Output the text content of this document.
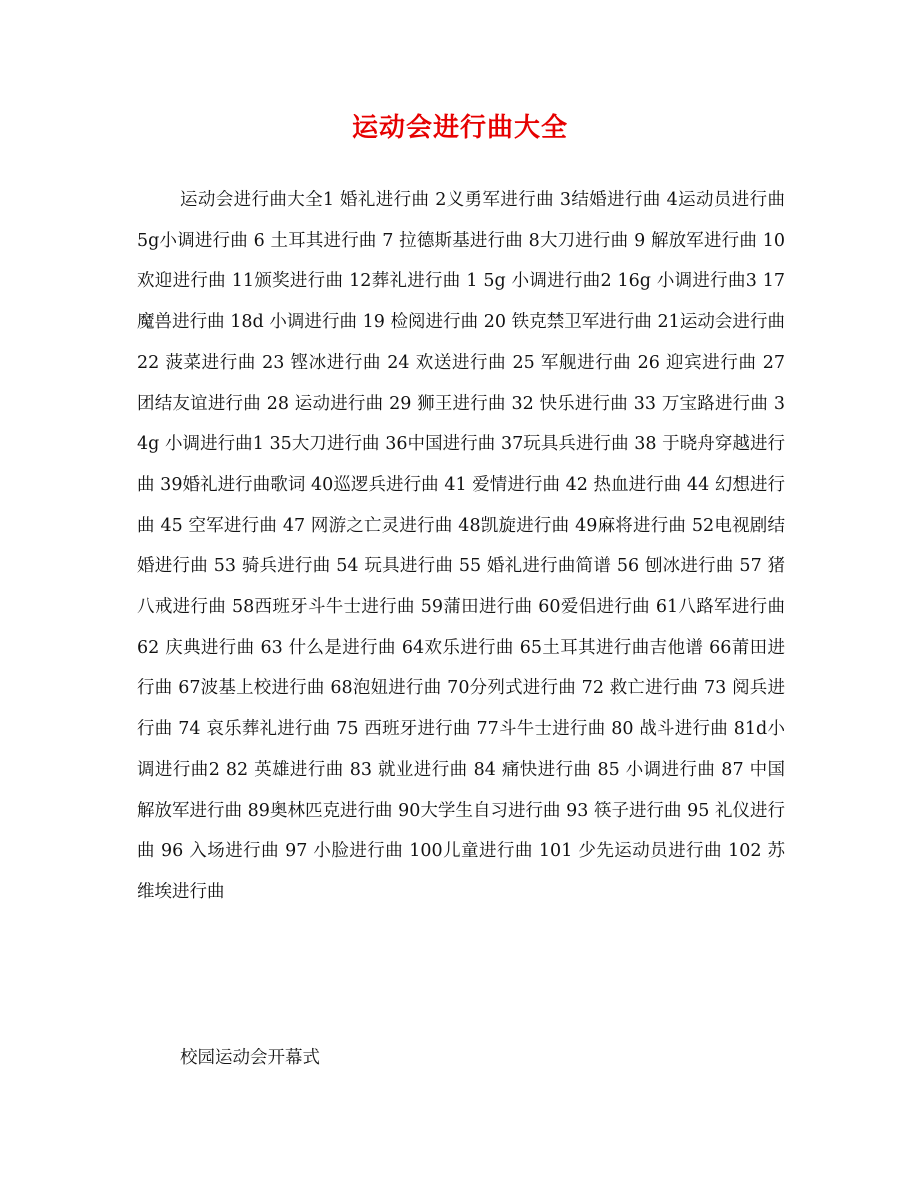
运动会进行曲大全

运动会进行曲大全1 婚礼进行曲 2义勇军进行曲 3结婚进行曲 4运动员进行曲 5g小调进行曲 6 土耳其进行曲 7 拉德斯基进行曲 8大刀进行曲 9 解放军进行曲 10欢迎进行曲 11颁奖进行曲 12葬礼进行曲 1 5g 小调进行曲2 16g 小调进行曲3 17魔兽进行曲 18d 小调进行曲 19 检阅进行曲 20 铁克禁卫军进行曲 21运动会进行曲 22 菠菜进行曲 23 铿冰进行曲 24 欢送进行曲 25 军舰进行曲 26 迎宾进行曲 27 团结友谊进行曲 28 运动进行曲 29 狮王进行曲 32 快乐进行曲 33 万宝路进行曲 34g 小调进行曲1 35大刀进行曲 36中国进行曲 37玩具兵进行曲 38 于晓舟穿越进行曲 39婚礼进行曲歌词 40巡逻兵进行曲 41 爱情进行曲 42 热血进行曲 44 幻想进行曲 45 空军进行曲 47 网游之亡灵进行曲 48凯旋进行曲 49麻将进行曲 52电视剧结婚进行曲 53 骑兵进行曲 54 玩具进行曲 55 婚礼进行曲简谱 56 刨冰进行曲 57 猪八戒进行曲 58西班牙斗牛士进行曲 59蒲田进行曲 60爱侣进行曲 61八路军进行曲 62 庆典进行曲 63 什么是进行曲 64欢乐进行曲 65土耳其进行曲吉他谱 66莆田进行曲 67波基上校进行曲 68泡妞进行曲 70分列式进行曲 72 救亡进行曲 73 阅兵进行曲 74 哀乐葬礼进行曲 75 西班牙进行曲 77斗牛士进行曲 80 战斗进行曲 81d小调进行曲2 82 英雄进行曲 83 就业进行曲 84 痛快进行曲 85 小调进行曲 87 中国解放军进行曲 89奥林匹克进行曲 90大学生自习进行曲 93 筷子进行曲 95 礼仪进行曲 96 入场进行曲 97 小脸进行曲 100儿童进行曲 101 少先运动员进行曲 102 苏维埃进行曲

校园运动会开幕式
